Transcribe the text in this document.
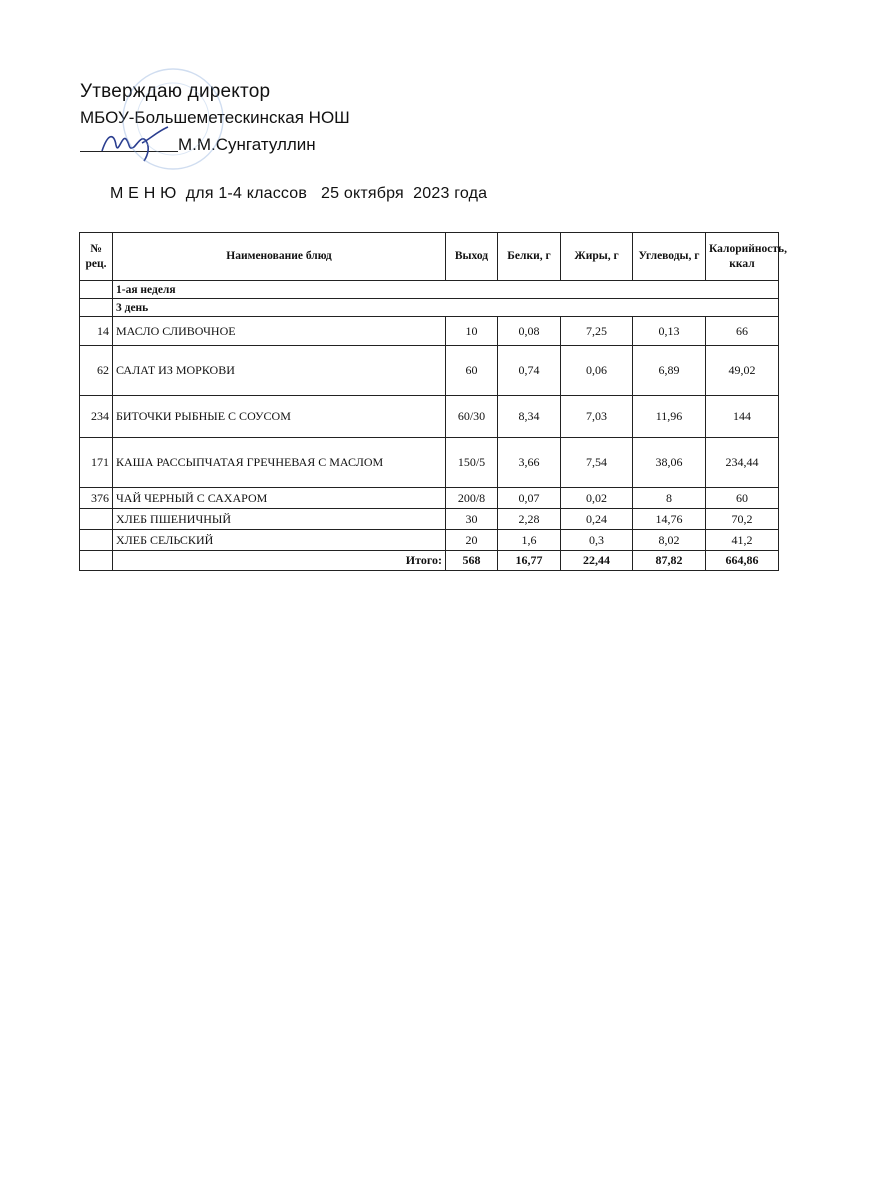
Утверждаю директор
МБОУ-Большеметескинская НОШ
М.М.Сунгатуллин
М Е Н Ю  для 1-4 классов   25 октября  2023 года
№ рец.	Наименование блюд	Выход	Белки, г	Жиры, г	Углеводы, г	Калорийность, ккал
	1-ая неделя					
	3 день					
14	МАСЛО СЛИВОЧНОЕ	10	0,08	7,25	0,13	66
62	САЛАТ ИЗ МОРКОВИ	60	0,74	0,06	6,89	49,02
234	БИТОЧКИ РЫБНЫЕ С СОУСОМ	60/30	8,34	7,03	11,96	144
171	КАША РАССЫПЧАТАЯ ГРЕЧНЕВАЯ С МАСЛОМ	150/5	3,66	7,54	38,06	234,44
376	ЧАЙ ЧЕРНЫЙ С САХАРОМ	200/8	0,07	0,02	8	60
	ХЛЕБ ПШЕНИЧНЫЙ	30	2,28	0,24	14,76	70,2
	ХЛЕБ СЕЛЬСКИЙ	20	1,6	0,3	8,02	41,2
	Итого:	568	16,77	22,44	87,82	664,86
